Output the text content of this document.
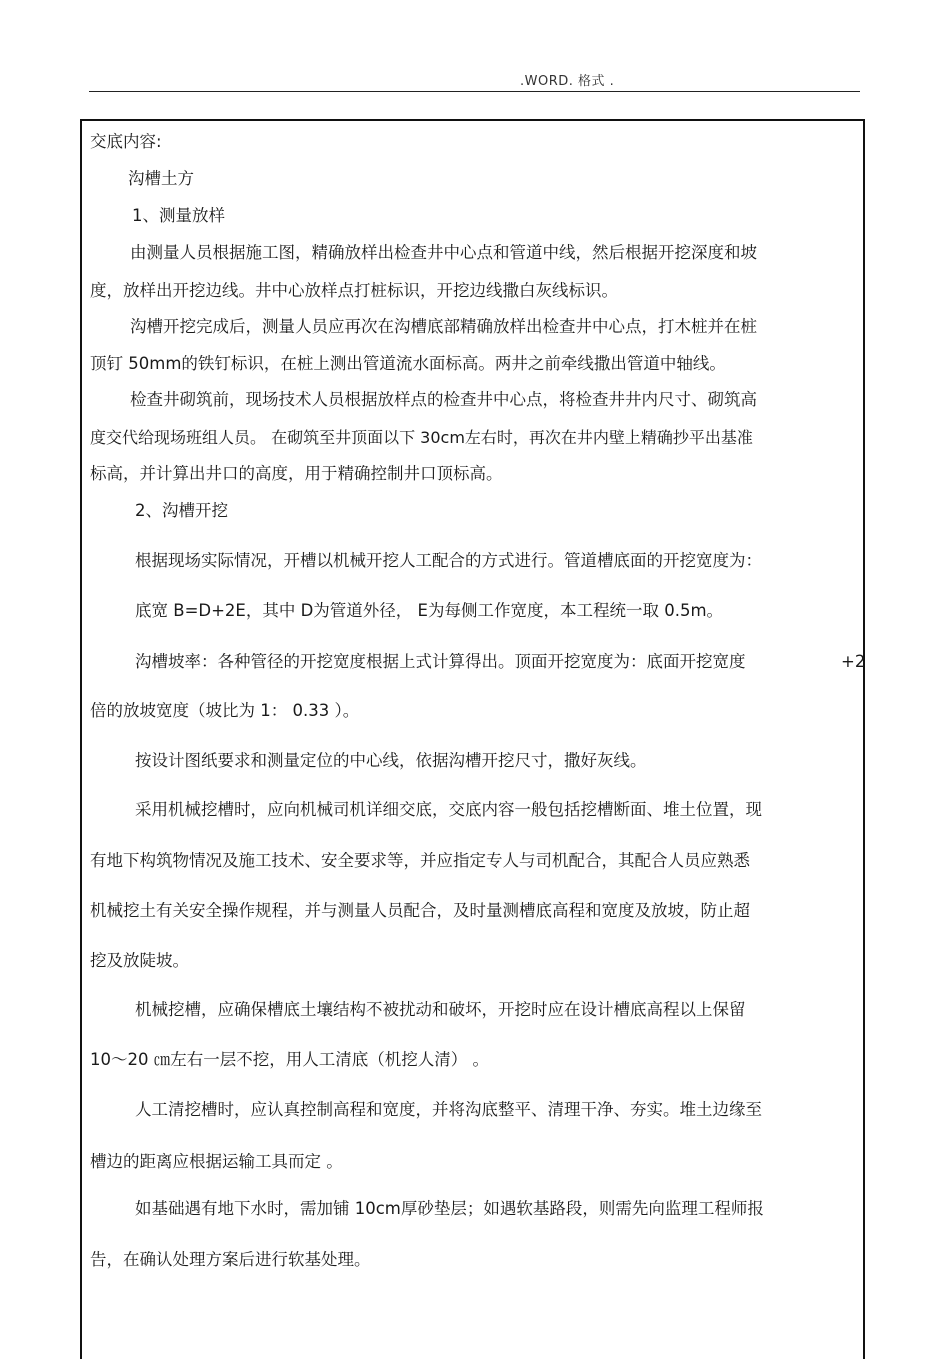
.WORD. 格式 .
交底内容:
沟槽土方
1、测量放样
由测量人员根据施工图，精确放样出检查井中心点和管道中线，然后根据开挖深度和坡
度，放样出开挖边线。井中心放样点打桩标识，开挖边线撒白灰线标识。
沟槽开挖完成后，测量人员应再次在沟槽底部精确放样出检查井中心点，打木桩并在桩
顶钉 50mm的铁钉标识，在桩上测出管道流水面标高。两井之前牵线撒出管道中轴线。
检查井砌筑前，现场技术人员根据放样点的检查井中心点，将检查井井内尺寸、砌筑高
度交代给现场班组人员。 在砌筑至井顶面以下 30cm左右时，再次在井内壁上精确抄平出基准
标高，并计算出井口的高度，用于精确控制井口顶标高。
2、沟槽开挖
根据现场实际情况，开槽以机械开挖人工配合的方式进行。管道槽底面的开挖宽度为：
底宽 B=D+2E，其中 D为管道外径， E为每侧工作宽度，本工程统一取 0.5m。
沟槽坡率：各种管径的开挖宽度根据上式计算得出。顶面开挖宽度为：底面开挖宽度	+2
倍的放坡宽度（坡比为 1： 0.33 ）。
按设计图纸要求和测量定位的中心线，依据沟槽开挖尺寸，撒好灰线。
采用机械挖槽时，应向机械司机详细交底，交底内容一般包括挖槽断面、堆土位置，现
有地下构筑物情况及施工技术、安全要求等，并应指定专人与司机配合，其配合人员应熟悉
机械挖土有关安全操作规程，并与测量人员配合，及时量测槽底高程和宽度及放坡，防止超
挖及放陡坡。
机械挖槽，应确保槽底土壤结构不被扰动和破坏，开挖时应在设计槽底高程以上保留
10～20 ㎝左右一层不挖，用人工清底（机挖人清） 。
人工清挖槽时，应认真控制高程和宽度，并将沟底整平、清理干净、夯实。堆土边缘至
槽边的距离应根据运输工具而定 。
如基础遇有地下水时，需加铺 10cm厚砂垫层；如遇软基路段，则需先向监理工程师报
告，在确认处理方案后进行软基处理。
